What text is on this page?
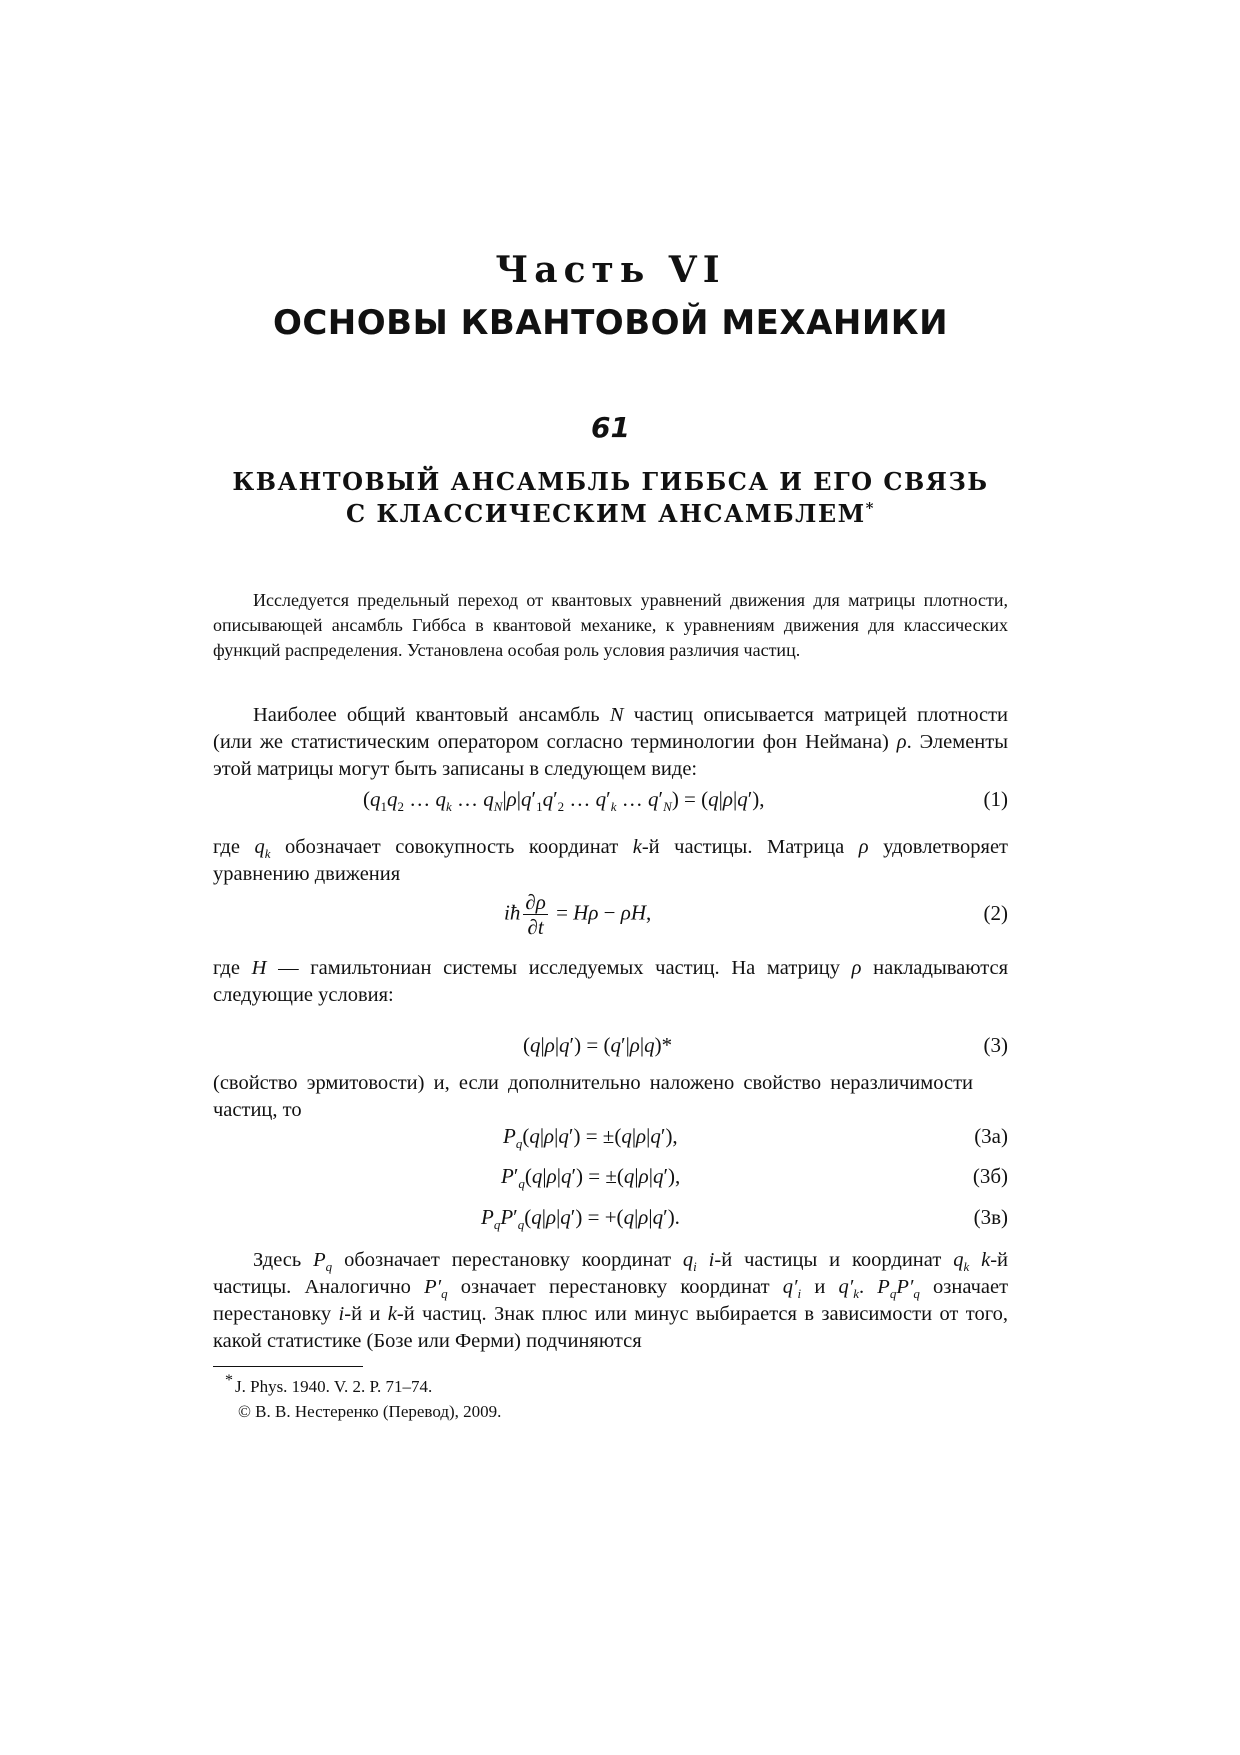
Часть VI
ОСНОВЫ КВАНТОВОЙ МЕХАНИКИ
61
КВАНТОВЫЙ АНСАМБЛЬ ГИББСА И ЕГО СВЯЗЬ
С КЛАССИЧЕСКИМ АНСАМБЛЕМ*
Исследуется предельный переход от квантовых уравнений движения для матрицы плотности, описывающей ансамбль Гиббса в квантовой механике, к уравнениям движения для классических функций распределения. Установлена особая роль условия различия частиц.
Наиболее общий квантовый ансамбль N частиц описывается матрицей плотности (или же статистическим оператором согласно терминологии фон Неймана) ρ. Элементы этой матрицы могут быть записаны в следующем виде:
($q_1q_2$ … $q_k$ … $q_N|\rho|q'_1q'_2$ … $q'_k$ … $q'_N) = (q|\rho|q')$,	(1)
где $q_k$ обозначает совокупность координат k-й частицы. Матрица ρ удовлетворяет уравнению движения
iħ $\frac{\partial\rho}{\partial t} = H\rho - \rho H$,	(2)
где H — гамильтониан системы исследуемых частиц. На матрицу ρ накладываются следующие условия:
(q|ρ|q′) = (q′|ρ|q)*	(3)
(свойство эрмитовости) и, если дополнительно наложено свойство неразличимости частиц, то
$P_q(q|\rho|q') = \pm(q|\rho|q')$,	(3а)
$P'_q(q|\rho|q') = \pm(q|\rho|q')$,	(3б)
$P_qP'_q(q|\rho|q') = +(q|\rho|q')$.	(3в)
Здесь $P_q$ обозначает перестановку координат $q_i$ i-й частицы и координат $q_k$ k-й частицы. Аналогично $P'_q$ означает перестановку координат $q'_i$ и $q'_k$. $P_qP'_q$ означает перестановку i-й и k-й частиц. Знак плюс или минус выбирается в зависимости от того, какой статистике (Бозе или Ферми) подчиняются
* J. Phys. 1940. V. 2. P. 71–74.
© В. В. Нестеренко (Перевод), 2009.
